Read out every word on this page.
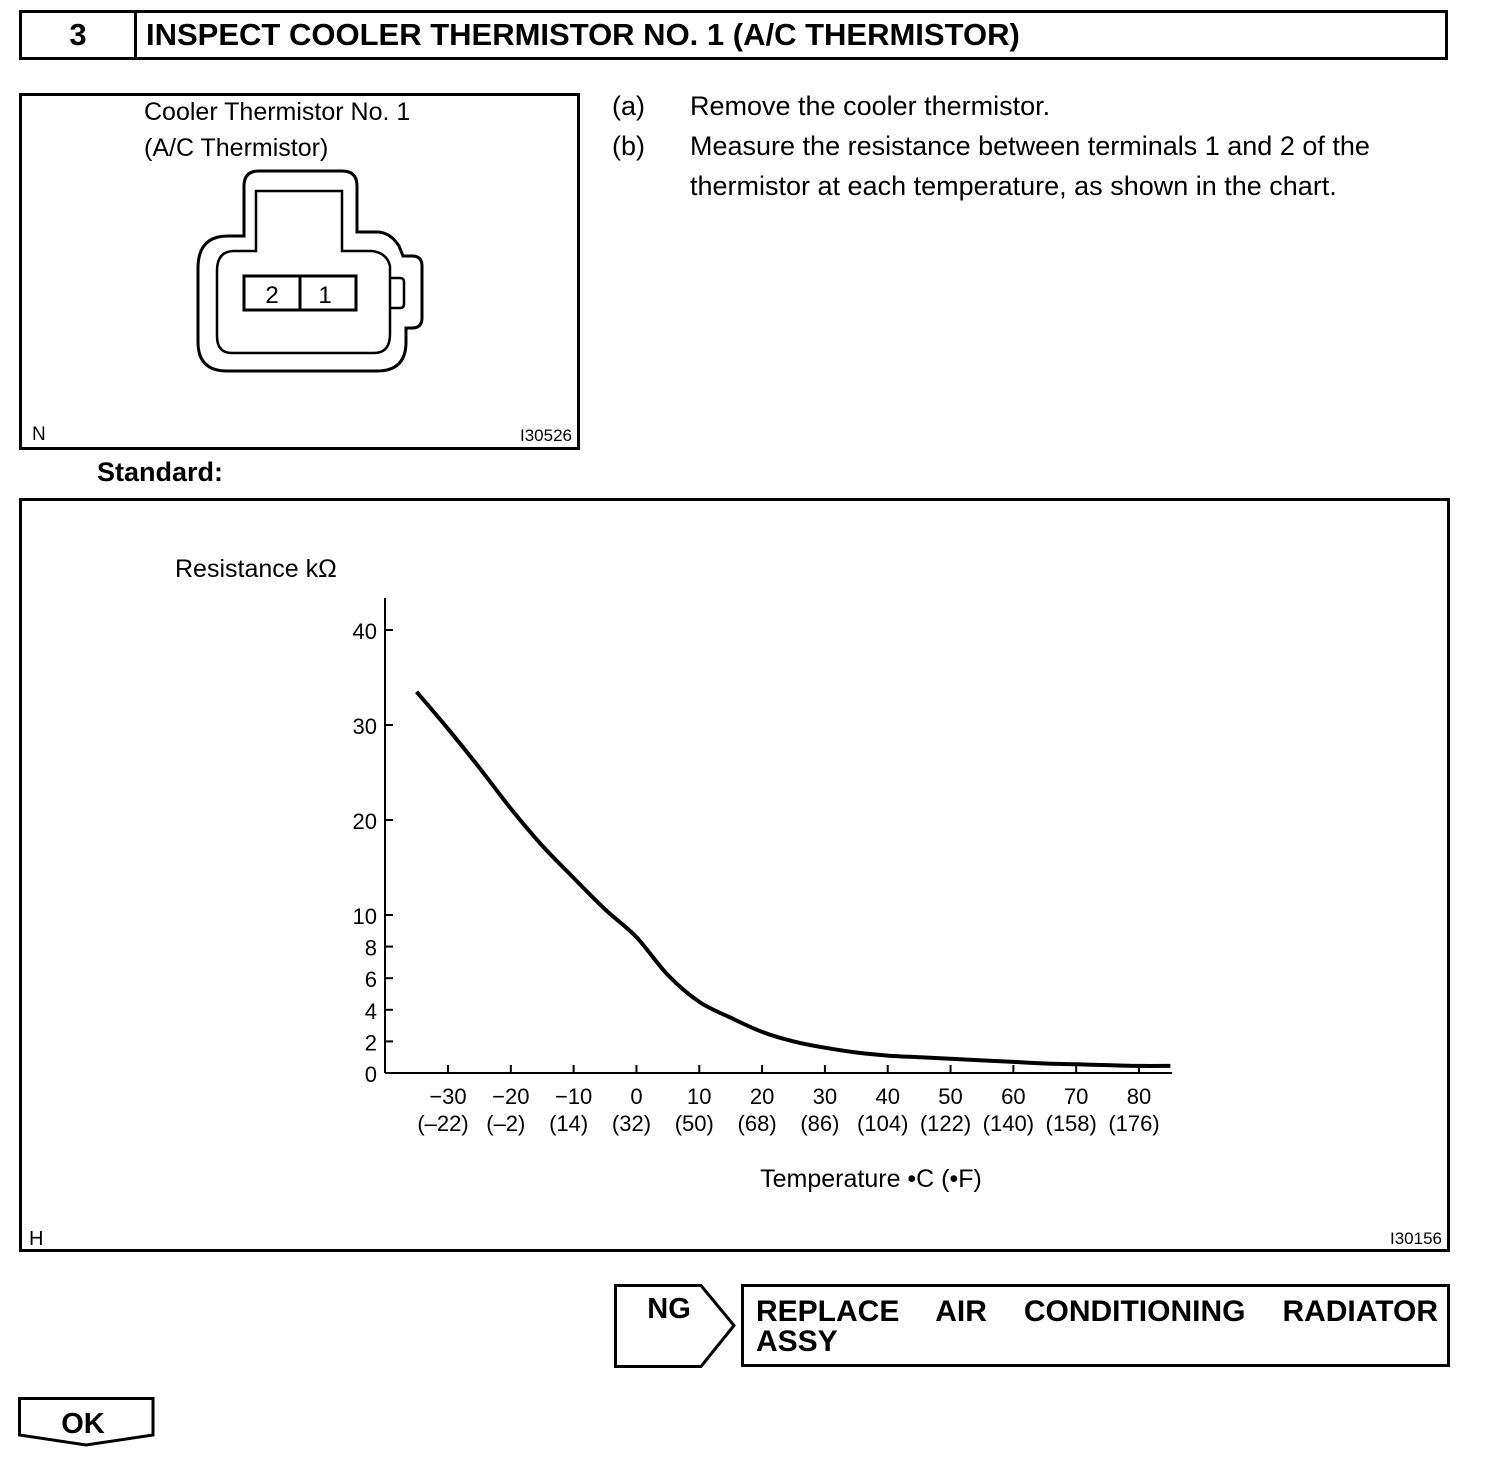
3	INSPECT COOLER THERMISTOR NO. 1 (A/C THERMISTOR)
Cooler Thermistor No. 1
(A/C Thermistor)
2 1
N	I30526
(a) Remove the cooler thermistor.
(b) Measure the resistance between terminals 1 and 2 of the
thermistor at each temperature, as shown in the chart.
Standard:
Resistance kΩ
0
2
4
6
8
10
20
30
40
−30
(–22)
−20
(–2)
−10
(14)
0
(32)
10
(50)
20
(68)
30
(86)
40
(104)
50
(122)
60
(140)
70
(158)
80
(176)
Temperature •C (•F)
H	I30156
NG REPLACE AIR CONDITIONING RADIATOR ASSY
OK
